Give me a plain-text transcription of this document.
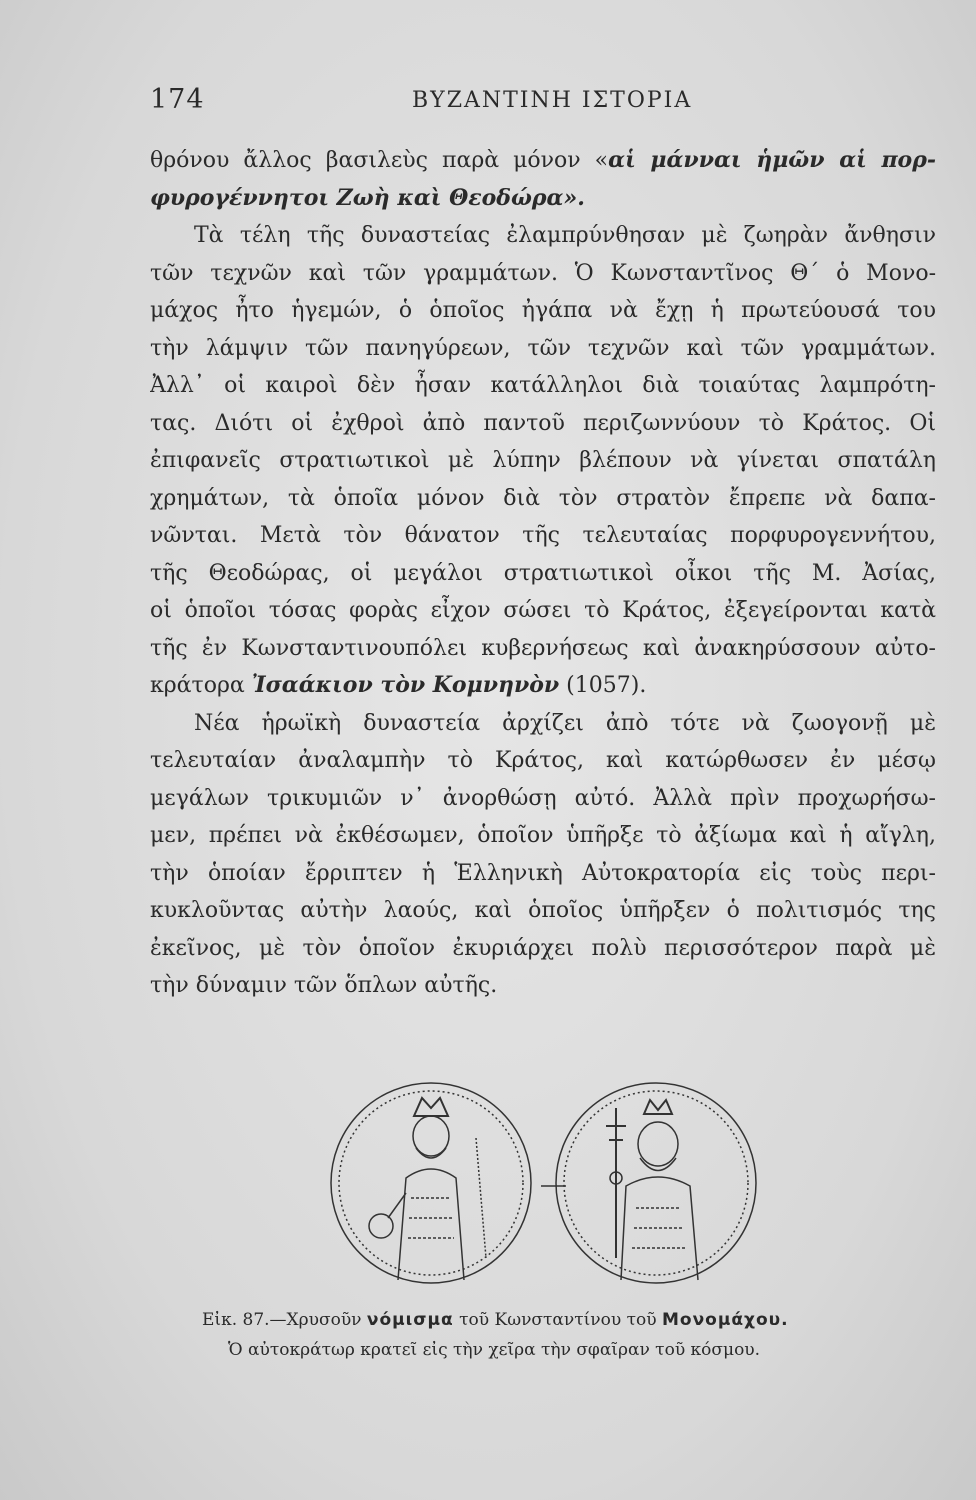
174	ΒΥΖΑΝΤΙΝΗ ΙΣΤΟΡΙΑ
θρόνου ἄλλος βασιλεὺς παρὰ μόνον «αἱ μάνναι ἡμῶν αἱ πορ-
φυρογέννητοι Ζωὴ καὶ Θεοδώρα».
Τὰ τέλη τῆς δυναστείας ἐλαμπρύνθησαν μὲ ζωηρὰν ἄνθησιν
τῶν τεχνῶν καὶ τῶν γραμμάτων. Ὁ Κωνσταντῖνος Θ΄ ὁ Μονο-
μάχος ἦτο ἡγεμών, ὁ ὁποῖος ἠγάπα νὰ ἔχῃ ἡ πρωτεύουσά του
τὴν λάμψιν τῶν πανηγύρεων, τῶν τεχνῶν καὶ τῶν γραμμάτων.
Ἀλλ᾽ οἱ καιροὶ δὲν ἦσαν κατάλληλοι διὰ τοιαύτας λαμπρότη-
τας. Διότι οἱ ἐχθροὶ ἀπὸ παντοῦ περιζωννύουν τὸ Κράτος. Οἱ
ἐπιφανεῖς στρατιωτικοὶ μὲ λύπην βλέπουν νὰ γίνεται σπατάλη
χρημάτων, τὰ ὁποῖα μόνον διὰ τὸν στρατὸν ἔπρεπε νὰ δαπα-
νῶνται. Μετὰ τὸν θάνατον τῆς τελευταίας πορφυρογεννήτου,
τῆς Θεοδώρας, οἱ μεγάλοι στρατιωτικοὶ οἶκοι τῆς Μ. Ἀσίας,
οἱ ὁποῖοι τόσας φορὰς εἶχον σώσει τὸ Κράτος, ἐξεγείρονται κατὰ
τῆς ἐν Κωνσταντινουπόλει κυβερνήσεως καὶ ἀνακηρύσσουν αὐτο-
κράτορα Ἰσαάκιον τὸν Κομνηνὸν (1057).
Νέα ἡρωϊκὴ δυναστεία ἀρχίζει ἀπὸ τότε νὰ ζωογονῇ μὲ
τελευταίαν ἀναλαμπὴν τὸ Κράτος, καὶ κατώρθωσεν ἐν μέσῳ
μεγάλων τρικυμιῶν ν᾽ ἀνορθώσῃ αὐτό. Ἀλλὰ πρὶν προχωρήσω-
μεν, πρέπει νὰ ἐκθέσωμεν, ὁποῖον ὑπῆρξε τὸ ἀξίωμα καὶ ἡ αἴγλη,
τὴν ὁποίαν ἔρριπτεν ἡ Ἑλληνικὴ Αὐτοκρατορία εἰς τοὺς περι-
κυκλοῦντας αὐτὴν λαούς, καὶ ὁποῖος ὑπῆρξεν ὁ πολιτισμός της
ἐκεῖνος, μὲ τὸν ὁποῖον ἐκυριάρχει πολὺ περισσότερον παρὰ μὲ
τὴν δύναμιν τῶν ὅπλων αὐτῆς.
Εἰκ. 87.—Χρυσοῦν νόμισμα τοῦ Κωνσταντίνου τοῦ Μονομάχου.
Ὁ αὐτοκράτωρ κρατεῖ εἰς τὴν χεῖρα τὴν σφαῖραν τοῦ κόσμου.
